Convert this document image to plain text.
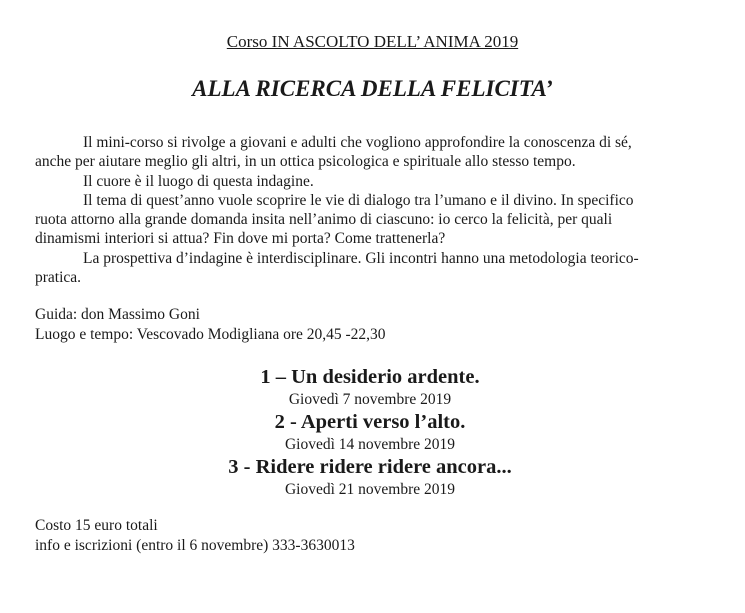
Corso IN ASCOLTO DELL’ ANIMA 2019
ALLA RICERCA DELLA FELICITA’

Il mini-corso si rivolge a giovani e adulti che vogliono approfondire la conoscenza di sé, anche per aiutare meglio gli altri, in un ottica psicologica e spirituale allo stesso tempo.

Il cuore è il luogo di questa indagine.

Il tema di quest’anno vuole scoprire le vie di dialogo tra l’umano e il divino. In specifico ruota attorno alla grande domanda insita nell’animo di ciascuno: io cerco la felicità, per quali dinamismi interiori si attua? Fin dove mi porta? Come trattenerla?

La prospettiva d’indagine è interdisciplinare. Gli incontri hanno una metodologia teorico-pratica.

Guida: don Massimo Goni
Luogo e tempo: Vescovado Modigliana ore 20,45 -22,30
1 – Un desiderio ardente.
Giovedì 7 novembre 2019
2 - Aperti verso l’alto.
Giovedì 14 novembre 2019
3 - Ridere ridere ridere ancora...
Giovedì 21 novembre 2019
Costo 15 euro totali
info e iscrizioni (entro il 6 novembre) 333-3630013
